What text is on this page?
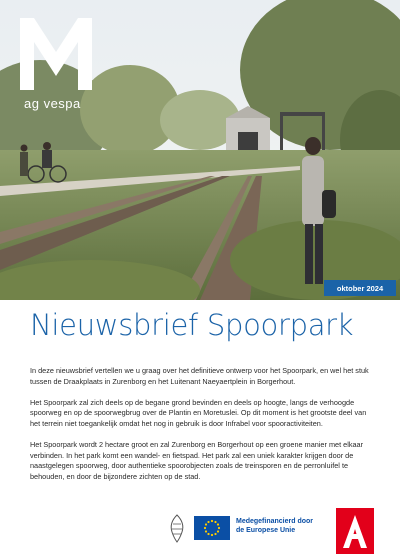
ag vespa
oktober 2024
Nieuwsbrief Spoorpark

In deze nieuwsbrief vertellen we u graag over het definitieve ontwerp voor het Spoorpark, en wel het stuk tussen de Draakplaats in Zurenborg en het Luitenant Naeyaertplein in Borgerhout.

Het Spoorpark zal zich deels op de begane grond bevinden en deels op hoogte, langs de verhoogde spoorweg en op de spoorwegbrug over de Plantin en Moretuslei. Op dit moment is het grootste deel van het terrein niet toegankelijk omdat het nog in gebruik is door Infrabel voor spooractiviteiten.

Het Spoorpark wordt 2 hectare groot en zal Zurenborg en Borgerhout op een groene manier met elkaar verbinden. In het park komt een wandel- en fietspad. Het park zal een uniek karakter krijgen door de naastgelegen spoorweg, door authentieke spoorobjecten zoals de treinsporen en de perronluifel te behouden, en door de bijzondere zichten op de stad.

Medegefinancierd door
de Europese Unie
